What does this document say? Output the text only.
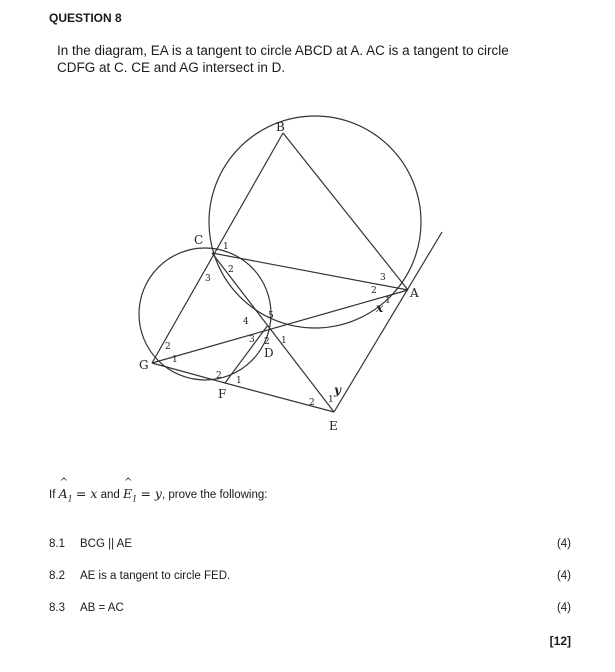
QUESTION 8
In the diagram, EA is a tangent to circle ABCD at A. AC is a tangent to circle
CDFG at C. CE and AG intersect in D.
B
C
A
G
D
F
E
1
2
3
4
5
3 2 1
3
2
1
x
2
1
2 1
2 1
y
If ^ $A_1 = x$ and ^ $E_1 = y$, prove the following:
8.1 BCG || AE	(4)
8.2 AE is a tangent to circle FED.	(4)
8.3 AB = AC	(4)
[12]
